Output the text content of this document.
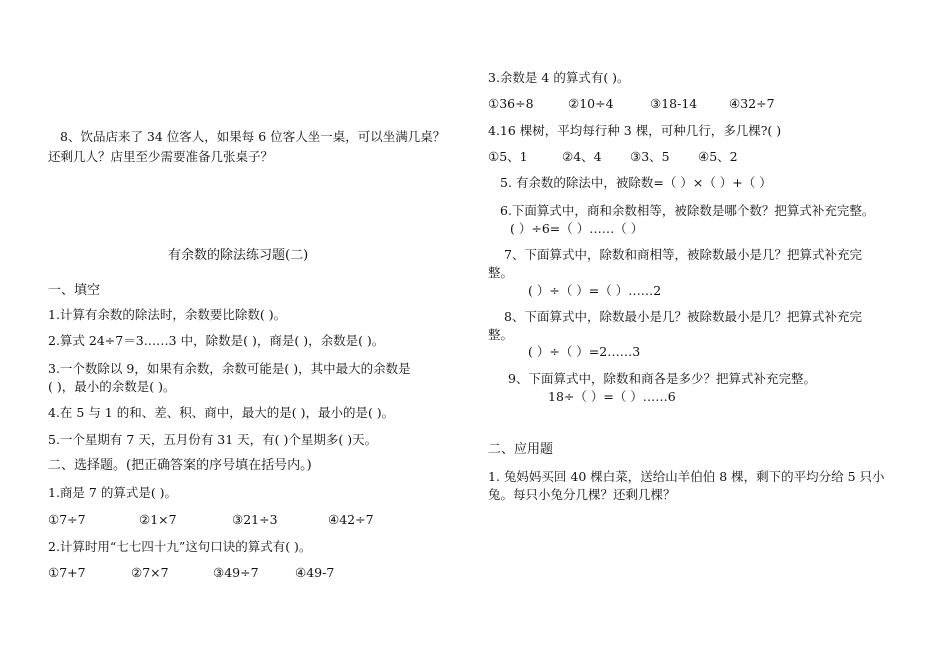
8、饮品店来了 34 位客人，如果每 6 位客人坐一桌，可以坐满几桌？
还剩几人？店里至少需要准备几张桌子？
有余数的除法练习题(二)
一、填空
1.计算有余数的除法时，余数要比除数( )。
2.算式 24÷7＝3……3 中，除数是( )，商是( )，余数是( )。
3.一个数除以 9，如果有余数，余数可能是( )，其中最大的余数是
( )，最小的余数是( )。
4.在 5 与 1 的和、差、积、商中，最大的是( )，最小的是( )。
5.一个星期有 7 天，五月份有 31 天，有( )个星期多( )天。
二、选择题。(把正确答案的序号填在括号内。)
1.商是 7 的算式是( )。
①7÷7	②1×7	③21÷3	④42÷7
2.计算时用“七七四十九”这句口诀的算式有( )。
①7+7	②7×7	③49÷7	④49-7
3.余数是 4 的算式有( )。
①36÷8	②10÷4	③18-14	④32÷7
4.16 棵树，平均每行种 3 棵，可种几行，多几棵?( )
①5、1	②4、4 ③3、5 ④5、2
5. 有余数的除法中，被除数=（ ）×（ ）+（ ）
6.下面算式中，商和余数相等，被除数是哪个数？把算式补充完整。
( ）÷6=（ ）……（ ）
7、下面算式中，除数和商相等，被除数最小是几？把算式补充完
整。
( ）÷（ ）=（ ）……2
8、下面算式中，除数最小是几？被除数最小是几？把算式补充完
整。
( ）÷（ ）=2……3
9、下面算式中，除数和商各是多少？把算式补充完整。
18÷（ ）=（ ）……6
二、应用题
1. 兔妈妈买回 40 棵白菜，送给山羊伯伯 8 棵，剩下的平均分给 5 只小
兔。每只小兔分几棵？还剩几棵？
